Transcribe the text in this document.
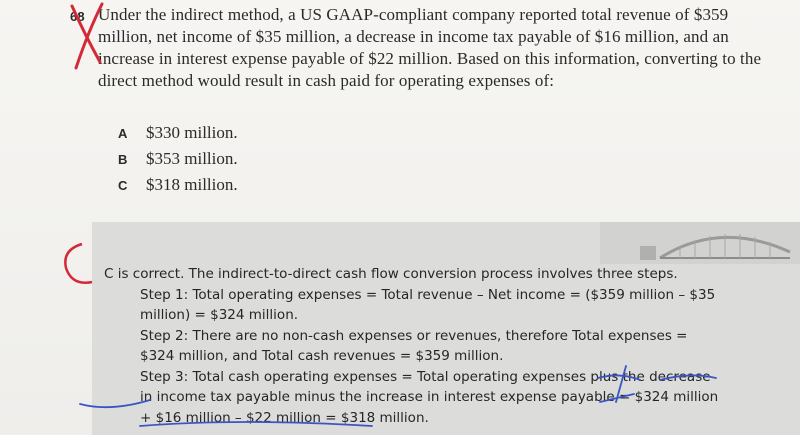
68 Under the indirect method, a US GAAP-compliant company reported total revenue of $359 million, net income of $35 million, a decrease in income tax payable of $16 million, and an increase in interest expense payable of $22 million. Based on this information, converting to the direct method would result in cash paid for operating expenses of:

A	$330 million.
B	$353 million.
C	$318 million.

C is correct. The indirect-to-direct cash flow conversion process involves three steps.

Step 1: Total operating expenses = Total revenue – Net income = ($359 million – $35 million) = $324 million.

Step 2: There are no non-cash expenses or revenues, therefore Total expenses = $324 million, and Total cash revenues = $359 million.

Step 3: Total cash operating expenses = Total operating expenses plus the decrease in income tax payable minus the increase in interest expense payable = $324 million + $16 million – $22 million = $318 million.
